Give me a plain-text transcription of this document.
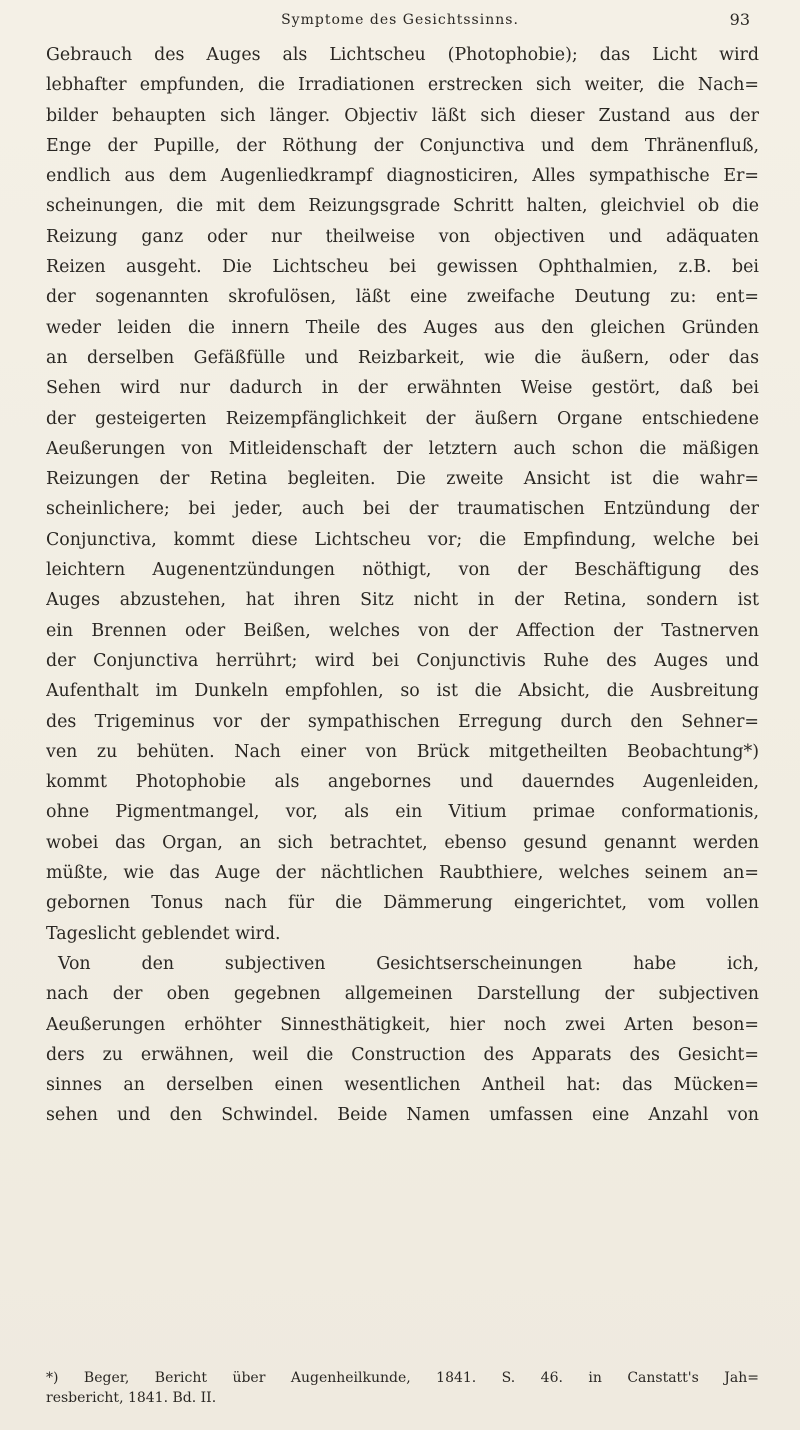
Symptome des Gesichtssinns.	93
Gebrauch des Auges als Lichtscheu (Photophobie); das Licht wird
lebhafter empfunden, die Irradiationen erstrecken sich weiter, die Nach=
bilder behaupten sich länger. Objectiv läßt sich dieser Zustand aus der
Enge der Pupille, der Röthung der Conjunctiva und dem Thränenfluß,
endlich aus dem Augenliedkrampf diagnosticiren, Alles sympathische Er=
scheinungen, die mit dem Reizungsgrade Schritt halten, gleichviel ob die
Reizung ganz oder nur theilweise von objectiven und adäquaten
Reizen ausgeht. Die Lichtscheu bei gewissen Ophthalmien, z.B. bei
der sogenannten skrofulösen, läßt eine zweifache Deutung zu: ent=
weder leiden die innern Theile des Auges aus den gleichen Gründen
an derselben Gefäßfülle und Reizbarkeit, wie die äußern, oder das
Sehen wird nur dadurch in der erwähnten Weise gestört, daß bei
der gesteigerten Reizempfänglichkeit der äußern Organe entschiedene
Aeußerungen von Mitleidenschaft der letztern auch schon die mäßigen
Reizungen der Retina begleiten. Die zweite Ansicht ist die wahr=
scheinlichere; bei jeder, auch bei der traumatischen Entzündung der
Conjunctiva, kommt diese Lichtscheu vor; die Empfindung, welche bei
leichtern Augenentzündungen nöthigt, von der Beschäftigung des
Auges abzustehen, hat ihren Sitz nicht in der Retina, sondern ist
ein Brennen oder Beißen, welches von der Affection der Tastnerven
der Conjunctiva herrührt; wird bei Conjunctivis Ruhe des Auges und
Aufenthalt im Dunkeln empfohlen, so ist die Absicht, die Ausbreitung
des Trigeminus vor der sympathischen Erregung durch den Sehner=
ven zu behüten. Nach einer von Brück mitgetheilten Beobachtung*)
kommt Photophobie als angebornes und dauerndes Augenleiden,
ohne Pigmentmangel, vor, als ein Vitium primae conformationis,
wobei das Organ, an sich betrachtet, ebenso gesund genannt werden
müßte, wie das Auge der nächtlichen Raubthiere, welches seinem an=
gebornen Tonus nach für die Dämmerung eingerichtet, vom vollen
Tageslicht geblendet wird.
Von den subjectiven Gesichtserscheinungen habe ich,
nach der oben gegebnen allgemeinen Darstellung der subjectiven
Aeußerungen erhöhter Sinnesthätigkeit, hier noch zwei Arten beson=
ders zu erwähnen, weil die Construction des Apparats des Gesicht=
sinnes an derselben einen wesentlichen Antheil hat: das Mücken=
sehen und den Schwindel. Beide Namen umfassen eine Anzahl von
*) Beger, Bericht über Augenheilkunde, 1841. S. 46. in Canstatt's Jah=
resbericht, 1841. Bd. II.
